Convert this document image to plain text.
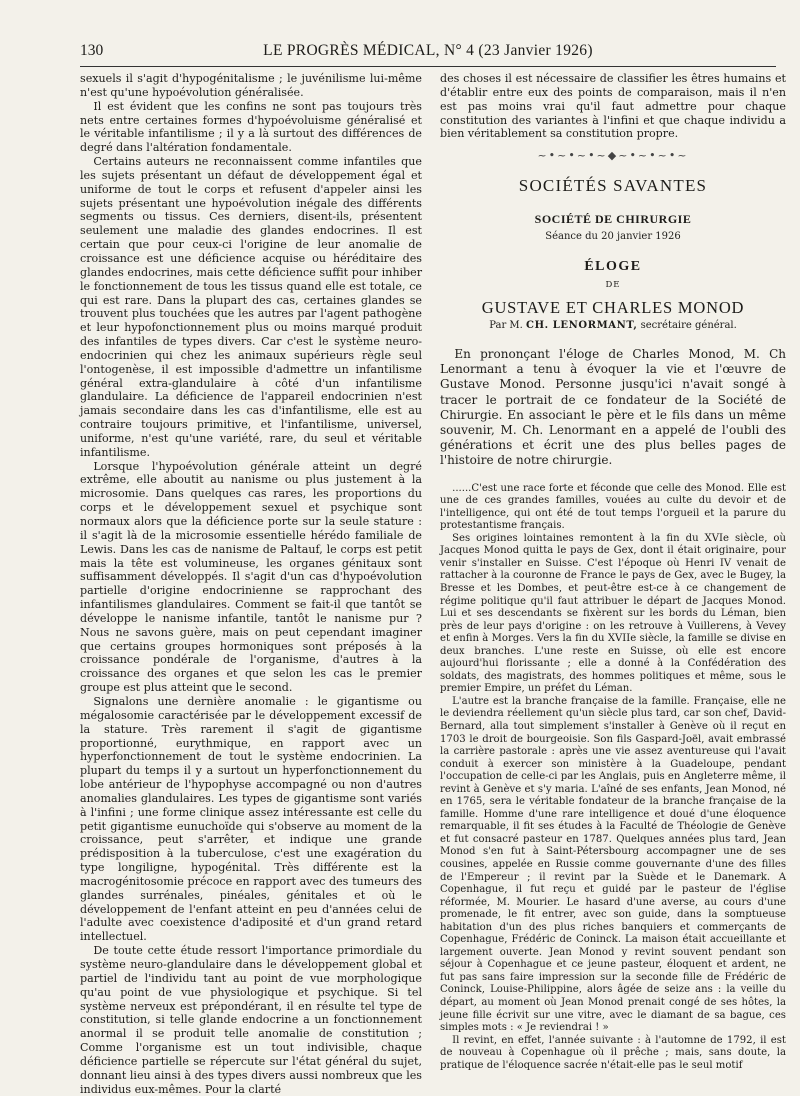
130	LE PROGRÈS MÉDICAL, N° 4 (23 Janvier 1926)

sexuels il s'agit d'hypogénitalisme ; le juvénilisme lui-même n'est qu'une hypoévolution généralisée.

Il est évident que les confins ne sont pas toujours très nets entre certaines formes d'hypoévoluisme généralisé et le véritable infantilisme ; il y a là surtout des différences de degré dans l'altération fondamentale.

Certains auteurs ne reconnaissent comme infantiles que les sujets présentant un défaut de développement égal et uniforme de tout le corps et refusent d'appeler ainsi les sujets présentant une hypoévolution inégale des différents segments ou tissus. Ces derniers, disent-ils, présentent seulement une maladie des glandes endocrines. Il est certain que pour ceux-ci l'origine de leur anomalie de croissance est une déficience acquise ou héréditaire des glandes endocrines, mais cette déficience suffit pour inhiber le fonctionnement de tous les tissus quand elle est totale, ce qui est rare. Dans la plupart des cas, certaines glandes se trouvent plus touchées que les autres par l'agent pathogène et leur hypofonctionnement plus ou moins marqué produit des infantiles de types divers. Car c'est le système neuro-endocrinien qui chez les animaux supérieurs règle seul l'ontogenèse, il est impossible d'admettre un infantilisme général extra-glandulaire à côté d'un infantilisme glandulaire. La déficience de l'appareil endocrinien n'est jamais secondaire dans les cas d'infantilisme, elle est au contraire toujours primitive, et l'infantilisme, universel, uniforme, n'est qu'une variété, rare, du seul et véritable infantilisme.

Lorsque l'hypoévolution générale atteint un degré extrême, elle aboutit au nanisme ou plus justement à la microsomie. Dans quelques cas rares, les proportions du corps et le développement sexuel et psychique sont normaux alors que la déficience porte sur la seule stature : il s'agit là de la microsomie essentielle hérédo familiale de Lewis. Dans les cas de nanisme de Paltauf, le corps est petit mais la tête est volumineuse, les organes génitaux sont suffisamment développés. Il s'agit d'un cas d'hypoévolution partielle d'origine endocrinienne se rapprochant des infantilismes glandulaires. Comment se fait-il que tantôt se développe le nanisme infantile, tantôt le nanisme pur ? Nous ne savons guère, mais on peut cependant imaginer que certains groupes hormoniques sont préposés à la croissance pondérale de l'organisme, d'autres à la croissance des organes et que selon les cas le premier groupe est plus atteint que le second.

Signalons une dernière anomalie : le gigantisme ou mégalosomie caractérisée par le développement excessif de la stature. Très rarement il s'agit de gigantisme proportionné, eurythmique, en rapport avec un hyperfonctionnement de tout le système endocrinien. La plupart du temps il y a surtout un hyperfonctionnement du lobe antérieur de l'hypophyse accompagné ou non d'autres anomalies glandulaires. Les types de gigantisme sont variés à l'infini ; une forme clinique assez intéressante est celle du petit gigantisme eunuchoïde qui s'observe au moment de la croissance, peut s'arrêter, et indique une grande prédisposition à la tuberculose, c'est une exagération du type longiligne, hypogénital. Très différente est la macrogénitosomie précoce en rapport avec des tumeurs des glandes surrénales, pinéales, génitales et où le développement de l'enfant atteint en peu d'années celui de l'adulte avec coexistence d'adiposité et d'un grand retard intellectuel.

De toute cette étude ressort l'importance primordiale du système neuro-glandulaire dans le développement global et partiel de l'individu tant au point de vue morphologique qu'au point de vue physiologique et psychique. Si tel système nerveux est prépondérant, il en résulte tel type de constitution, si telle glande endocrine a un fonctionnement anormal il se produit telle anomalie de constitution ; Comme l'organisme est un tout indivisible, chaque déficience partielle se répercute sur l'état général du sujet, donnant lieu ainsi à des types divers aussi nombreux que les individus eux-mêmes. Pour la clarté

des choses il est nécessaire de classifier les êtres humains et d'établir entre eux des points de comparaison, mais il n'en est pas moins vrai qu'il faut admettre pour chaque constitution des variantes à l'infini et que chaque individu a bien véritablement sa constitution propre.

~•~•~•~◆~•~•~•~
SOCIÉTÉS SAVANTES
SOCIÉTÉ DE CHIRURGIE
Séance du 20 janvier 1926
ÉLOGE
DE
GUSTAVE ET CHARLES MONOD
Par M. CH. LENORMANT, secrétaire général.

En prononçant l'éloge de Charles Monod, M. Ch Lenormant a tenu à évoquer la vie et l'œuvre de Gustave Monod. Personne jusqu'ici n'avait songé à tracer le portrait de ce fondateur de la Société de Chirurgie. En associant le père et le fils dans un même souvenir, M. Ch. Lenormant en a appelé de l'oubli des générations et écrit une des plus belles pages de l'histoire de notre chirurgie.

......C'est une race forte et féconde que celle des Monod. Elle est une de ces grandes familles, vouées au culte du devoir et de l'intelligence, qui ont été de tout temps l'orgueil et la parure du protestantisme français.

Ses origines lointaines remontent à la fin du XVIe siècle, où Jacques Monod quitta le pays de Gex, dont il était originaire, pour venir s'installer en Suisse. C'est l'époque où Henri IV venait de rattacher à la couronne de France le pays de Gex, avec le Bugey, la Bresse et les Dombes, et peut-être est-ce à ce changement de régime politique qu'il faut attribuer le départ de Jacques Monod. Lui et ses descendants se fixèrent sur les bords du Léman, bien près de leur pays d'origine : on les retrouve à Vuillerens, à Vevey et enfin à Morges. Vers la fin du XVIIe siècle, la famille se divise en deux branches. L'une reste en Suisse, où elle est encore aujourd'hui florissante ; elle a donné à la Confédération des soldats, des magistrats, des hommes politiques et même, sous le premier Empire, un préfet du Léman.

L'autre est la branche française de la famille. Française, elle ne le deviendra réellement qu'un siècle plus tard, car son chef, David-Bernard, alla tout simplement s'installer à Genève où il reçut en 1703 le droit de bourgeoisie. Son fils Gaspard-Joël, avait embrassé la carrière pastorale : après une vie assez aventureuse qui l'avait conduit à exercer son ministère à la Guadeloupe, pendant l'occupation de celle-ci par les Anglais, puis en Angleterre même, il revint à Genève et s'y maria. L'aîné de ses enfants, Jean Monod, né en 1765, sera le véritable fondateur de la branche française de la famille. Homme d'une rare intelligence et doué d'une éloquence remarquable, il fit ses études à la Faculté de Théologie de Genève et fut consacré pasteur en 1787. Quelques années plus tard, Jean Monod s'en fut à Saint-Pétersbourg accompagner une de ses cousines, appelée en Russie comme gouvernante d'une des filles de l'Empereur ; il revint par la Suède et le Danemark. A Copenhague, il fut reçu et guidé par le pasteur de l'église réformée, M. Mourier. Le hasard d'une averse, au cours d'une promenade, le fit entrer, avec son guide, dans la somptueuse habitation d'un des plus riches banquiers et commerçants de Copenhague, Frédéric de Coninck. La maison était accueillante et largement ouverte. Jean Monod y revint souvent pendant son séjour à Copenhague et ce jeune pasteur, éloquent et ardent, ne fut pas sans faire impression sur la seconde fille de Frédéric de Coninck, Louise-Philippine, alors âgée de seize ans : la veille du départ, au moment où Jean Monod prenait congé de ses hôtes, la jeune fille écrivit sur une vitre, avec le diamant de sa bague, ces simples mots : « Je reviendrai ! »

Il revint, en effet, l'année suivante : à l'automne de 1792, il est de nouveau à Copenhague où il prêche ; mais, sans doute, la pratique de l'éloquence sacrée n'était-elle pas le seul motif
